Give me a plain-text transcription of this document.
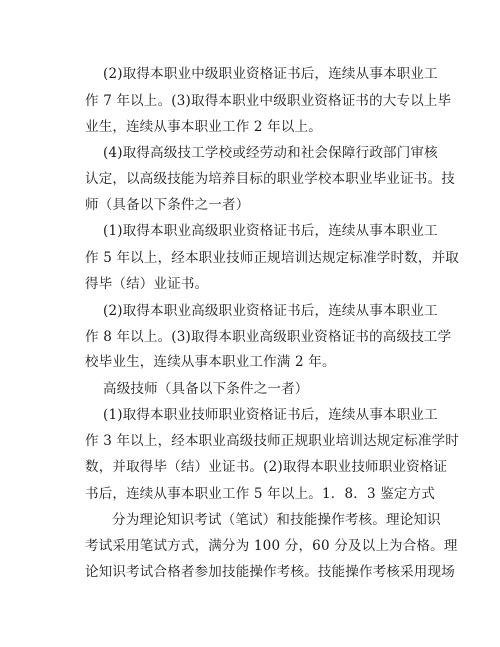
(2)取得本职业中级职业资格证书后，连续从事本职业工
作 7 年以上。(3)取得本职业中级职业资格证书的大专以上毕
业生，连续从事本职业工作 2 年以上。
(4)取得高级技工学校或经劳动和社会保障行政部门审核
认定，以高级技能为培养目标的职业学校本职业毕业证书。技
师（具备以下条件之一者）
(1)取得本职业高级职业资格证书后，连续从事本职业工
作 5 年以上，经本职业技师正规培训达规定标准学时数，并取
得毕（结）业证书。
(2)取得本职业高级职业资格证书后，连续从事本职业工
作 8 年以上。(3)取得本职业高级职业资格证书的高级技工学
校毕业生，连续从事本职业工作满 2 年。
高级技师（具备以下条件之一者）
(1)取得本职业技师职业资格证书后，连续从事本职业工
作 3 年以上，经本职业高级技师正规职业培训达规定标准学时
数，并取得毕（结）业证书。(2)取得本职业技师职业资格证
书后，连续从事本职业工作 5 年以上。1．8．3 鉴定方式
分为理论知识考试（笔试）和技能操作考核。理论知识
考试采用笔试方式，满分为 100 分，60 分及以上为合格。理
论知识考试合格者参加技能操作考核。技能操作考核采用现场
